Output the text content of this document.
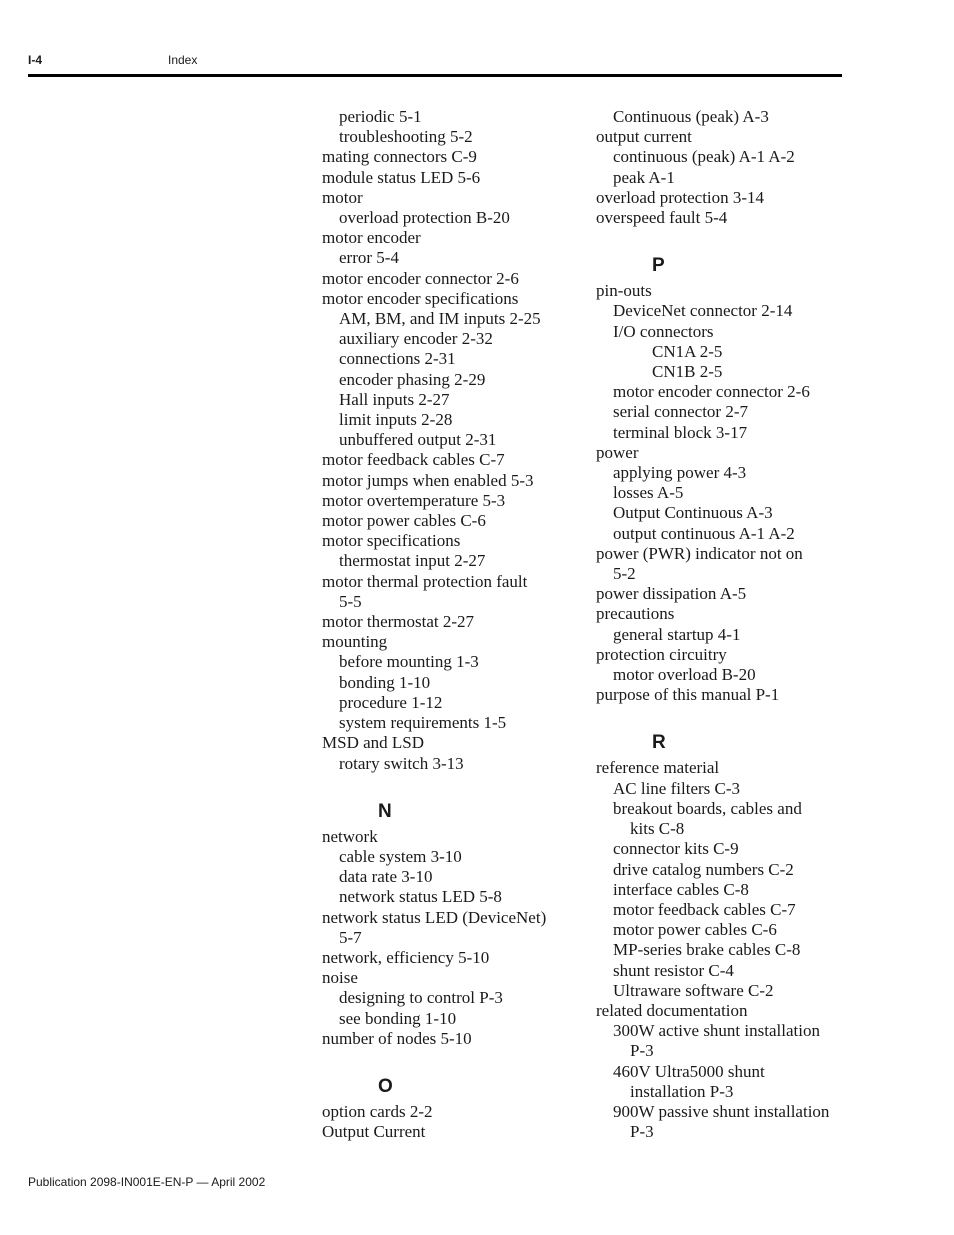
I-4	Index
periodic 5-1
troubleshooting 5-2
mating connectors C-9
module status LED 5-6
motor
overload protection B-20
motor encoder
error 5-4
motor encoder connector 2-6
motor encoder specifications
AM, BM, and IM inputs 2-25
auxiliary encoder 2-32
connections 2-31
encoder phasing 2-29
Hall inputs 2-27
limit inputs 2-28
unbuffered output 2-31
motor feedback cables C-7
motor jumps when enabled 5-3
motor overtemperature 5-3
motor power cables C-6
motor specifications
thermostat input 2-27
motor thermal protection fault
5-5
motor thermostat 2-27
mounting
before mounting 1-3
bonding 1-10
procedure 1-12
system requirements 1-5
MSD and LSD
rotary switch 3-13
N
network
cable system 3-10
data rate 3-10
network status LED 5-8
network status LED (DeviceNet)
5-7
network, efficiency 5-10
noise
designing to control P-3
see bonding 1-10
number of nodes 5-10
O
option cards 2-2
Output Current
Continuous (peak) A-3
output current
continuous (peak) A-1 A-2
peak A-1
overload protection 3-14
overspeed fault 5-4
P
pin-outs
DeviceNet connector 2-14
I/O connectors
CN1A 2-5
CN1B 2-5
motor encoder connector 2-6
serial connector 2-7
terminal block 3-17
power
applying power 4-3
losses A-5
Output Continuous A-3
output continuous A-1 A-2
power (PWR) indicator not on
5-2
power dissipation A-5
precautions
general startup 4-1
protection circuitry
motor overload B-20
purpose of this manual P-1
R
reference material
AC line filters C-3
breakout boards, cables and
kits C-8
connector kits C-9
drive catalog numbers C-2
interface cables C-8
motor feedback cables C-7
motor power cables C-6
MP-series brake cables C-8
shunt resistor C-4
Ultraware software C-2
related documentation
300W active shunt installation
P-3
460V Ultra5000 shunt
installation P-3
900W passive shunt installation
P-3
Publication 2098-IN001E-EN-P — April 2002
